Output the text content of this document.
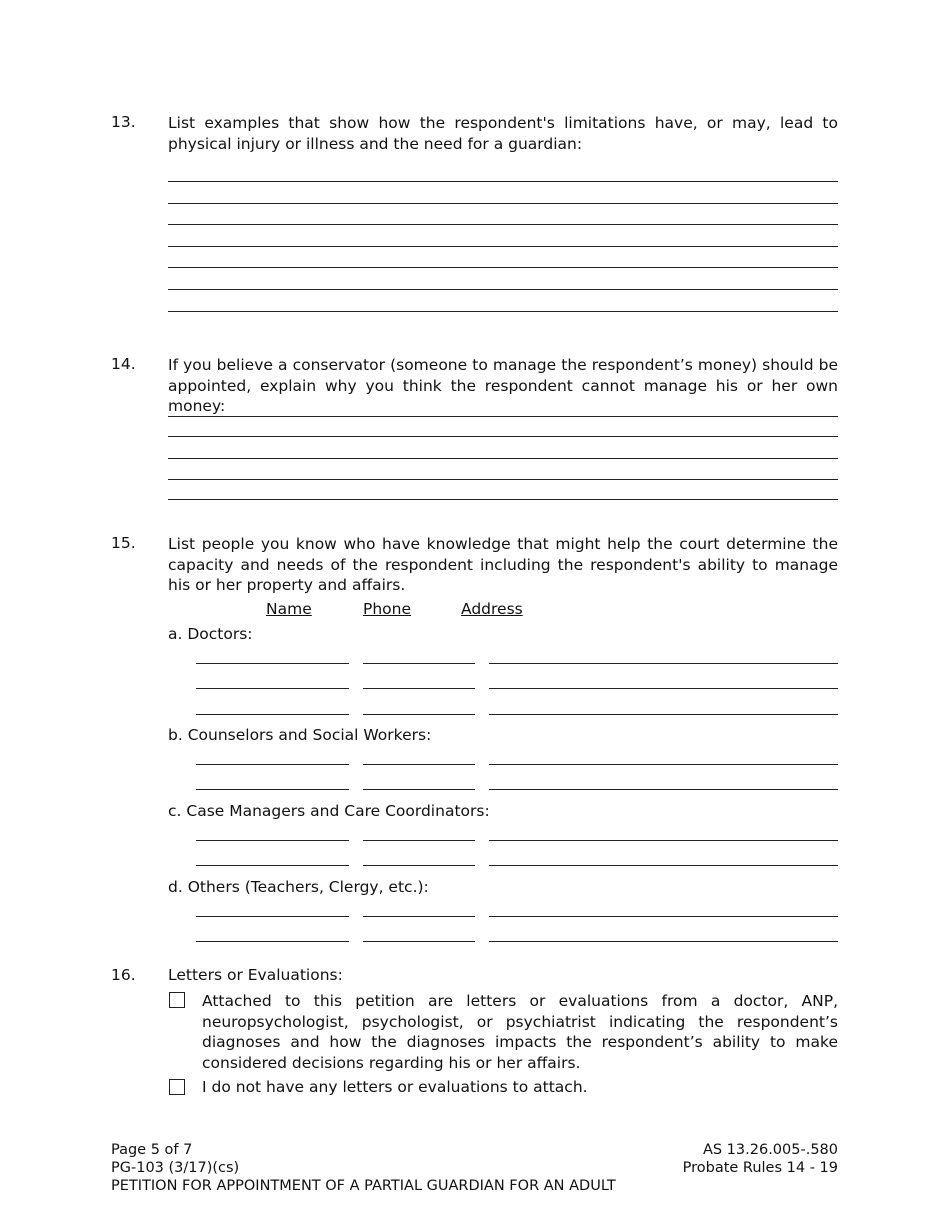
13. List examples that show how the respondent's limitations have, or may, lead to physical injury or illness and the need for a guardian:
14. If you believe a conservator (someone to manage the respondent’s money) should be appointed, explain why you think the respondent cannot manage his or her own money:
15. List people you know who have knowledge that might help the court determine the capacity and needs of the respondent including the respondent's ability to manage his or her property and affairs.
Name	Phone	Address
a. Doctors:
b. Counselors and Social Workers:
c. Case Managers and Care Coordinators:
d. Others (Teachers, Clergy, etc.):
16. Letters or Evaluations:
Attached to this petition are letters or evaluations from a doctor, ANP, neuropsychologist, psychologist, or psychiatrist indicating the respondent’s diagnoses and how the diagnoses impacts the respondent’s ability to make considered decisions regarding his or her affairs.
I do not have any letters or evaluations to attach.
Page 5 of 7
PG-103 (3/17)(cs)
PETITION FOR APPOINTMENT OF A PARTIAL GUARDIAN FOR AN ADULT
AS 13.26.005-.580
Probate Rules 14 - 19
